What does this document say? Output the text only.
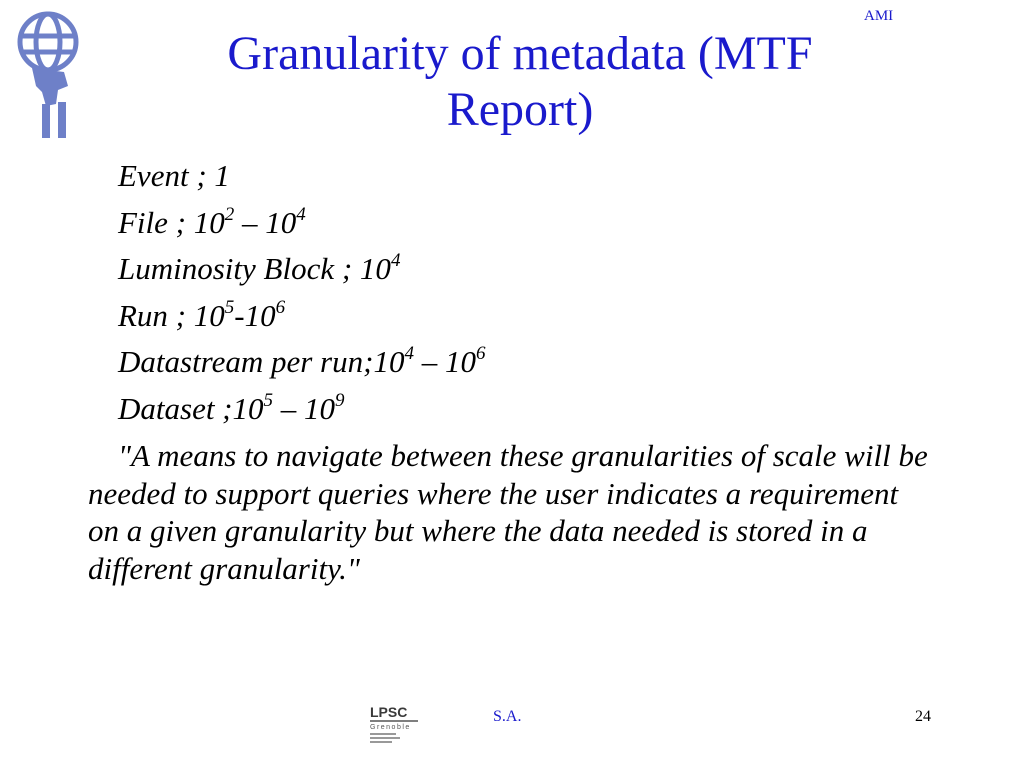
AMI
Granularity of metadata (MTF
Report)
Event ; 1
File ; $10^2 - 10^4$
Luminosity Block ; $10^4$
Run ; $10^5-10^6$
Datastream per $run;10^4 - 10^6$
Dataset $;10^5 - 10^9$
"A means to navigate between these granularities of scale will be needed to support queries where the user indicates a requirement on a given granularity but where the data needed is stored in a different granularity."
LPSC
Grenoble
S.A.	24
